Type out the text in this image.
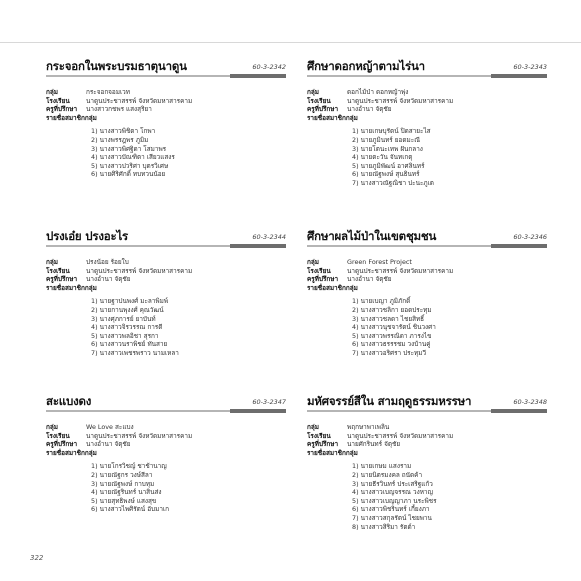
กระจอกในพระบรมธาตุนาดูน	60-3-2342
กลุ่ม	กระจอกจอมเวท
โรงเรียน	นาดูนประชาสรรพ์ จังหวัดมหาสารคาม
ครูที่ปรึกษา	นางสาวกชพร แสงสุริยา
รายชื่อสมาชิกกลุ่ม
1) นางสาวพิชิตา โกพา
2) นางพรรฎพร ภูมิม
3) นางสาวพิศฐิดา โสมาพร
4) นางสาวบัณฑิตา เสียวแสงร
5) นางสาวปวริศา บุตรวิเศษ
6) นายศิริศักดิ์ ทบทวนน้อย
ศึกษาดอกหญ้าตามไร่นา	60-3-2343
กลุ่ม	ดอกไม้ป่า ดอกหญ้าพุ่ง
โรงเรียน	นาดูนประชาสรรพ์ จังหวัดมหาสารคาม
ครูที่ปรึกษา	นางอำนา จัตุชัย
รายชื่อสมาชิกกลุ่ม
1) นายเกษบุรัตน์ ปิดสายะไส
2) นายภูมินทร์ ยอดมะณี
3) นายโตนะเทพ ฝันกลาง
4) นายตะวัน จันทเกตุ
5) นายภูมิพัฒน์ อาศลินทร์
6) นายณัฐพงษ์ สุนธินทร์
7) นางสาวณัฐณิชา ปะนะภูเต
ปรงเอ๋ย ปรงอะไร	60-3-2344
กลุ่ม	ปรงน้อย ร้อยใบ
โรงเรียน	นาดูนประชาสรรพ์ จังหวัดมหาสารคาม
ครูที่ปรึกษา	นางอำนา จัตุชัย
รายชื่อสมาชิกกลุ่ม
1) นายฐาปนพงศ์ มะลาพิมพ์
2) นายกานพุงงศ์ คุณวัฒน์
3) นางศุภการย์ ยาบันท์
4) นางสาวจิรวรรณ การดี
5) นางสาวพลอิชา สุรกา
6) นางสาวนราพิชย์ ทันสาย
7) นางสาวเพชรพราว นามเหลา
ศึกษาผลไม้ป่าในเขตชุมชน	60-3-2346
กลุ่ม	Green Forest Project
โรงเรียน	นาดูนประชาสรรพ์ จังหวัดมหาสารคาม
ครูที่ปรึกษา	นางอำนา จัตุชัย
รายชื่อสมาชิกกลุ่ม
1) นายเบญา ภูมิภักดิ์
2) นางสาวชลิกา ยอดประทุม
3) นางสาวชลดา ไชยสิทธิ์
4) นางสาวนุชจารัตน์ ชินวงศา
5) นางสาวพรรณิดา ภารงไข
6) นางสาวธรรรชม วงบ้านคู่
7) นางสาวอริศรา ประทุมวี
สะแบงดง	60-3-2347
กลุ่ม	We Love สะแบง
โรงเรียน	นาดูนประชาสรรพ์ จังหวัดมหาสารคาม
ครูที่ปรึกษา	นางอำนา จัตุชัย
รายชื่อสมาชิกกลุ่ม
1) นายโกรวิชญ์ ชาช้านาญ
2) นายณัฐกร วงษ์สีลา
3) นายณัฐพงษ์ กาบทุม
4) นายณัฐรินทร์ นาสินส่ง
5) นายสุทธิพงษ์ แสงสุข
6) นางสาวไพศิรัตน์ อับมาเก
มหัศจรรย์สีใน สามฤดูธรรมหรรษา	60-3-2348
กลุ่ม	พฤกษาพาเพลิน
โรงเรียน	นาดูนประชาสรรพ์ จังหวัดมหาสารคาม
ครูที่ปรึกษา	นายศักรินทร์ จัตุชัย
รายชื่อสมาชิกกลุ่ม
1) นายเกษม แสงราม
2) นายนิตรมงคล ถนัดค้า
3) นายธีรวินทร์ ประเสริฐแก้ว
4) นางสาวเบญจรรณ วงหาญ
5) นางสาวเบญญาภา นระพิชร
6) นางสาวพิชรินทร์ เกี้ยงภา
7) นางสาวสกุลรัตน์ ไชยพาน
8) นางสาวสิริมา รัตต์า
322
